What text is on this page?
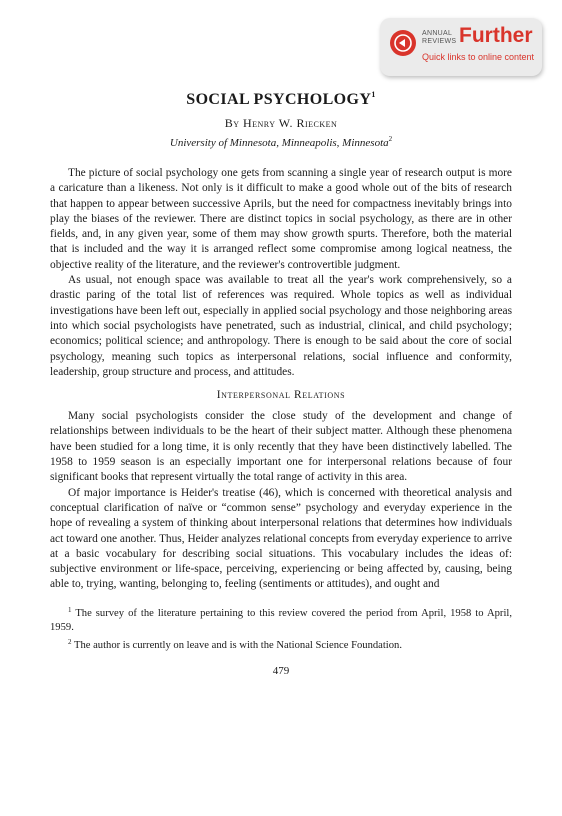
ANNUAL
REVIEWS Further
Quick links to online content
SOCIAL PSYCHOLOGY$^1$
By Henry W. Riecken
University of Minnesota, Minneapolis, Minnesota$^2$

The picture of social psychology one gets from scanning a single year of research output is more a caricature than a likeness. Not only is it difficult to make a good whole out of the bits of research that happen to appear between successive Aprils, but the need for compactness inevitably brings into play the biases of the reviewer. There are distinct topics in social psychology, as there are in other fields, and, in any given year, some of them may show growth spurts. Therefore, both the material that is included and the way it is arranged reflect some compromise among logical neatness, the objective reality of the literature, and the reviewer's controvertible judgment.

As usual, not enough space was available to treat all the year's work comprehensively, so a drastic paring of the total list of references was required. Whole topics as well as individual investigations have been left out, especially in applied social psychology and those neighboring areas into which social psychologists have penetrated, such as industrial, clinical, and child psychology; economics; political science; and anthropology. There is enough to be said about the core of social psychology, meaning such topics as interpersonal relations, social influence and conformity, leadership, group structure and process, and attitudes.

Interpersonal Relations

Many social psychologists consider the close study of the development and change of relationships between individuals to be the heart of their subject matter. Although these phenomena have been studied for a long time, it is only recently that they have been distinctively labelled. The 1958 to 1959 season is an especially important one for interpersonal relations because of four significant books that represent virtually the total range of activity in this area.

Of major importance is Heider's treatise (46), which is concerned with theoretical analysis and conceptual clarification of naïve or “common sense” psychology and everyday experience in the hope of revealing a system of thinking about interpersonal relations that determines how individuals act toward one another. Thus, Heider analyzes relational concepts from everyday experience to arrive at a basic vocabulary for describing social situations. This vocabulary includes the ideas of: subjective environment or life-space, perceiving, experiencing or being affected by, causing, being able to, trying, wanting, belonging to, feeling (sentiments or attitudes), and ought and

$^1$ The survey of the literature pertaining to this review covered the period from April, 1958 to April, 1959.

$^2$ The author is currently on leave and is with the National Science Foundation.

479
